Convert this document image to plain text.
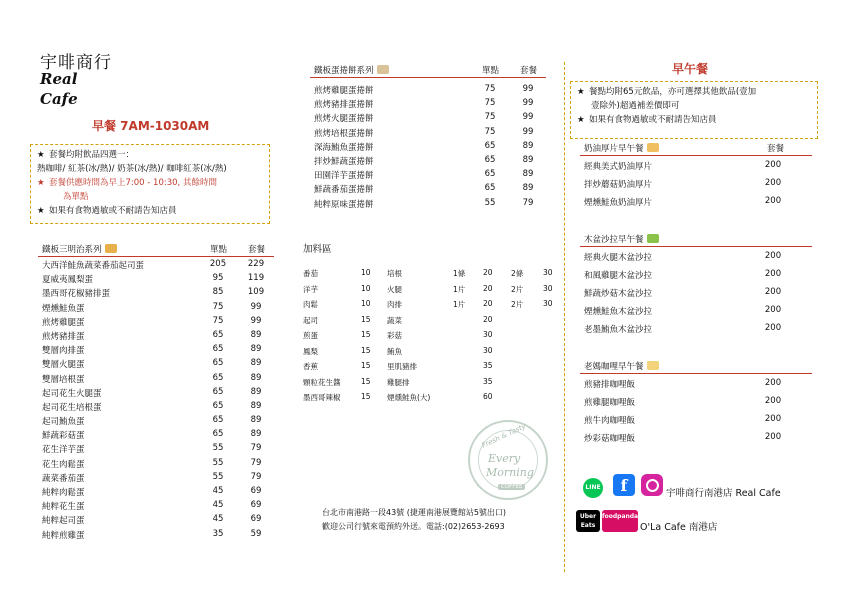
宇啡商行
Real
Cafe
早餐 7AM-1030AM
★ 套餐均附飲品四選一：
熱咖啡/ 紅茶(冰/熱)/ 奶茶(冰/熱)/ 咖啡紅茶(冰/熱)
★ 套餐供應時間為早上7:00 - 10:30, 其餘時間
為單點
★ 如果有食物過敏或不耐請告知店員
鐵板三明治系列	單點 套餐
大西洋鮭魚蔬菜番茄起司蛋	205	229
夏威夷鳳梨蛋	95	119
墨西哥花椒豬排蛋	85	109
煙燻鮭魚蛋	75	99
煎烤雞腿蛋	75	99
煎烤豬排蛋	65	89
雙層肉排蛋	65	89
雙層火腿蛋	65	89
雙層培根蛋	65	89
起司花生火腿蛋	65	89
起司花生培根蛋	65	89
起司鮪魚蛋	65	89
鮮蔬彩菇蛋	65	89
花生洋芋蛋	55	79
花生肉鬆蛋	55	79
蔬菜番茄蛋	55	79
純粹肉鬆蛋	45	69
純粹花生蛋	45	69
純粹起司蛋	45	69
純粹煎雞蛋	35	59
鐵板蛋捲餅系列	單點 套餐
煎烤雞腿蛋捲餅	75	99
煎烤豬排蛋捲餅	75	99
煎烤火腿蛋捲餅	75	99
煎烤培根蛋捲餅	75	99
深海鮪魚蛋捲餅	65	89
拌炒鮮蔬蛋捲餅	65	89
田園洋芋蛋捲餅	65	89
鮮蔬番茄蛋捲餅	65	89
純粹原味蛋捲餅	55	79
加料區
番茄	10 培根	1條 20 2條	30
洋芋	10 火腿	1片 20 2片	30
肉鬆	10 肉排	1片 20 2片	30
起司	15 蔬菜	20
煎蛋	15 彩菇	30
鳳梨	15 鮪魚	30
香蕉	15 里肌豬排	35
顆粒花生醬	15 雞腿排	35
墨西哥辣椒	15 煙燻鮭魚(大)	60
Fresh & Tasty
Every
Morning
COFFEE
台北市南港路一段43號 (捷運南港展覽館站5號出口)
歡迎公司行號來電預約外送。電話:(02)2653-2693
早午餐
★ 餐點均附65元飲品，亦可選擇其他飲品(壹加
壹除外)超過補差價即可
★ 如果有食物過敏或不耐請告知店員
奶油厚片早午餐	套餐
經典美式奶油厚片	200
拌炒蘑菇奶油厚片	200
煙燻鮭魚奶油厚片	200
木盆沙拉早午餐
經典火腿木盆沙拉	200
和風雞腿木盆沙拉	200
鮮蔬炒菇木盆沙拉	200
煙燻鮭魚木盆沙拉	200
老墨鮪魚木盆沙拉	200
老媽咖哩早午餐
煎豬排咖哩飯	200
煎雞腿咖哩飯	200
煎牛肉咖哩飯	200
炒彩菇咖哩飯	200
LINE	f	宇啡商行南港店 Real Cafe
Uber Eats
foodpanda
O'La Cafe 南港店
